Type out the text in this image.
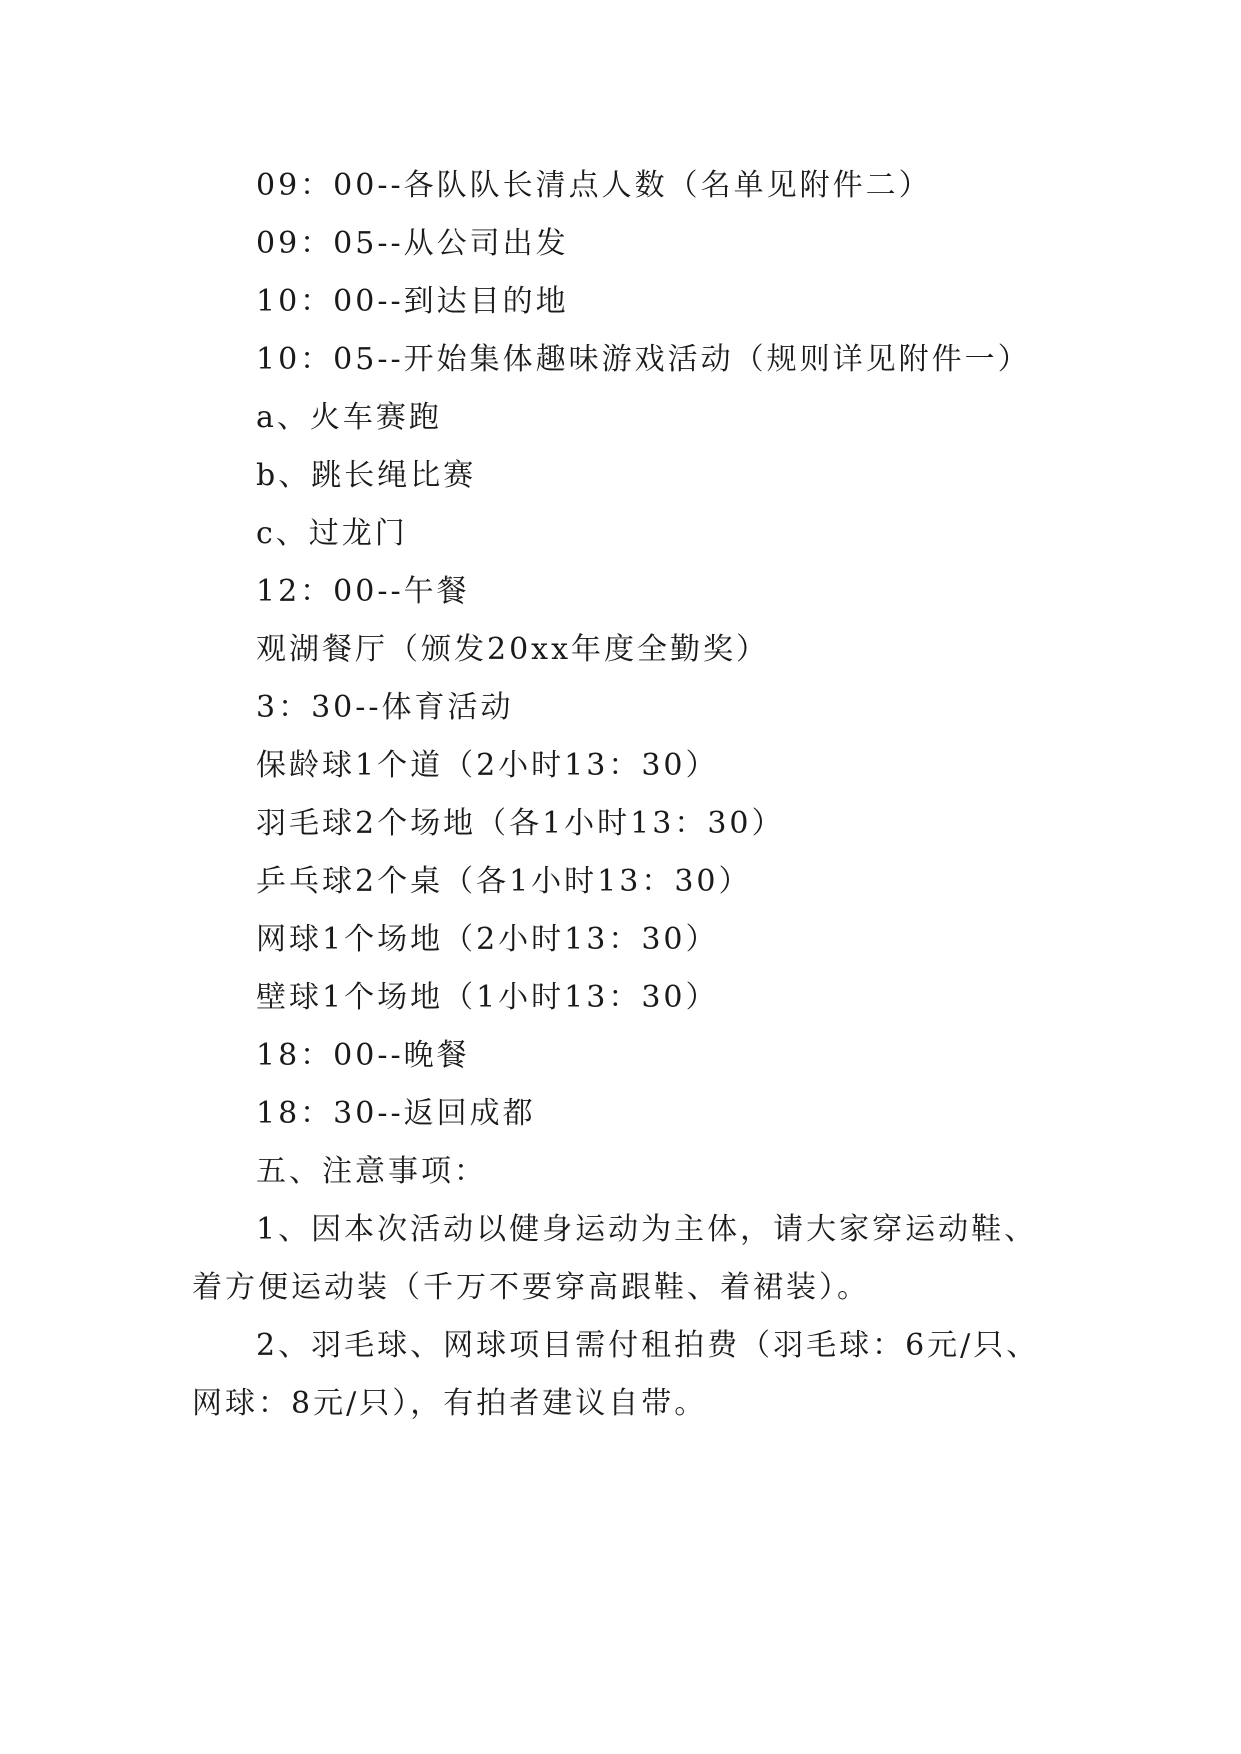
09：00--各队队长清点人数（名单见附件二）
09：05--从公司出发
10：00--到达目的地
10：05--开始集体趣味游戏活动（规则详见附件一）
a、火车赛跑
b、跳长绳比赛
c、过龙门
12：00--午餐
观湖餐厅（颁发20xx年度全勤奖）
3：30--体育活动
保龄球1个道（2小时13：30）
羽毛球2个场地（各1小时13：30）
乒乓球2个桌（各1小时13：30）
网球1个场地（2小时13：30）
壁球1个场地（1小时13：30）
18：00--晚餐
18：30--返回成都
五、注意事项：
1、因本次活动以健身运动为主体，请大家穿运动鞋、
着方便运动装（千万不要穿高跟鞋、着裙装）。
2、羽毛球、网球项目需付租拍费（羽毛球：6元/只、
网球：8元/只），有拍者建议自带。
